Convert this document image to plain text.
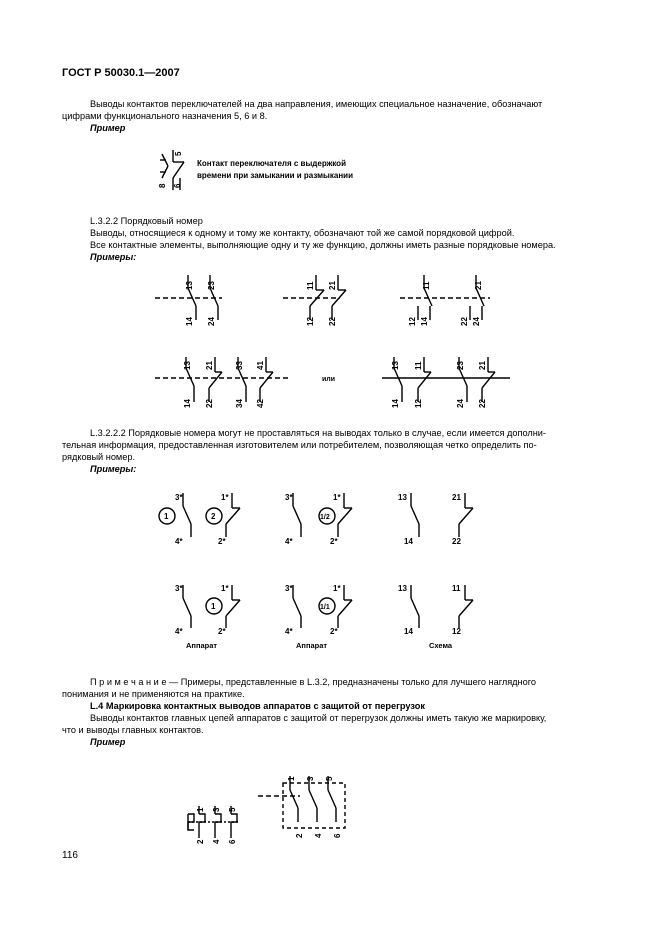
ГОСТ Р 50030.1—2007
Выводы контактов переключателей на два направления, имеющих специальное назначение, обозначают
цифрами функционального назначения 5, 6 и 8.
Пример
5
8 6
Контакт переключателя с выдержкой
времени при замыкании и размыкании
L.3.2.2 Порядковый номер
Выводы, относящиеся к одному и тому же контакту, обозначают той же самой порядковой цифрой.
Все контактные элементы, выполняющие одну и ту же функцию, должны иметь разные порядковые номера.
Примеры:
13
14
23
24
11
12
21
22
11
12 14
21
22 24
13
14
21
22
33
34
41
42
или
13
14
11
12
23
24
21
22
L.3.2.2.2 Порядковые номера могут не проставляться на выводах только в случае, если имеется дополни-
тельная информация, предоставленная изготовителем или потребителем, позволяющая четко определить по-
рядковый номер.
Примеры:
3*
4*
1*
2*
1	2
3*
4*
1*
2*
1/2
13
14
21
22
3*
4*
1*
2*
1
3*
4*
1*
2*
1/1
13
14
11
12
Аппарат	Аппарат	Схема
П р и м е ч а н и е — Примеры, представленные в L.3.2, предназначены только для лучшего наглядного
понимания и не применяются на практике.
L.4 Маркировка контактных выводов аппаратов с защитой от перегрузок
Выводы контактов главных цепей аппаратов с защитой от перегрузок должны иметь такую же маркировку,
что и выводы главных контактов.
Пример
1 3 5
2 4 6
1 3 5
2 4 6
116
